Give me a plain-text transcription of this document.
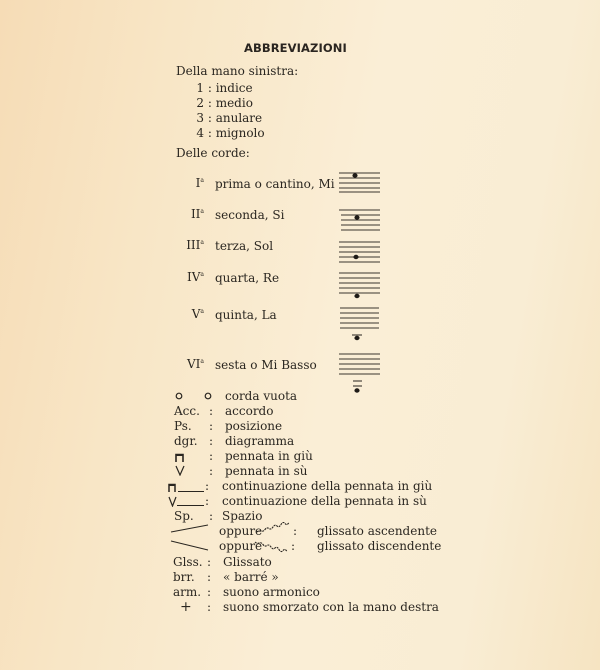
ABBREVIAZIONI
Della mano sinistra:
1 : indice
2 : medio
3 : anulare
4 : mignolo
Delle corde:
$I^a$ prima o cantino, Mi
$II^a$ seconda, Si
III$^a$ terza, Sol
$IV^a$ quarta, Re
$V^a$ quinta, La
$VI^a$ sesta o Mi Basso
corda vuota
Acc. : accordo
Ps. : posizione
dgr. : diagramma
: pennata in giù
: pennata in sù
: continuazione della pennata in giù
: continuazione della pennata in sù
Sp. : Spazio
oppure	: glissato ascendente
oppure : glissato discendente
Glss. : Glissato
brr. : « barré »
arm. : suono armonico
+ : suono smorzato con la mano destra
